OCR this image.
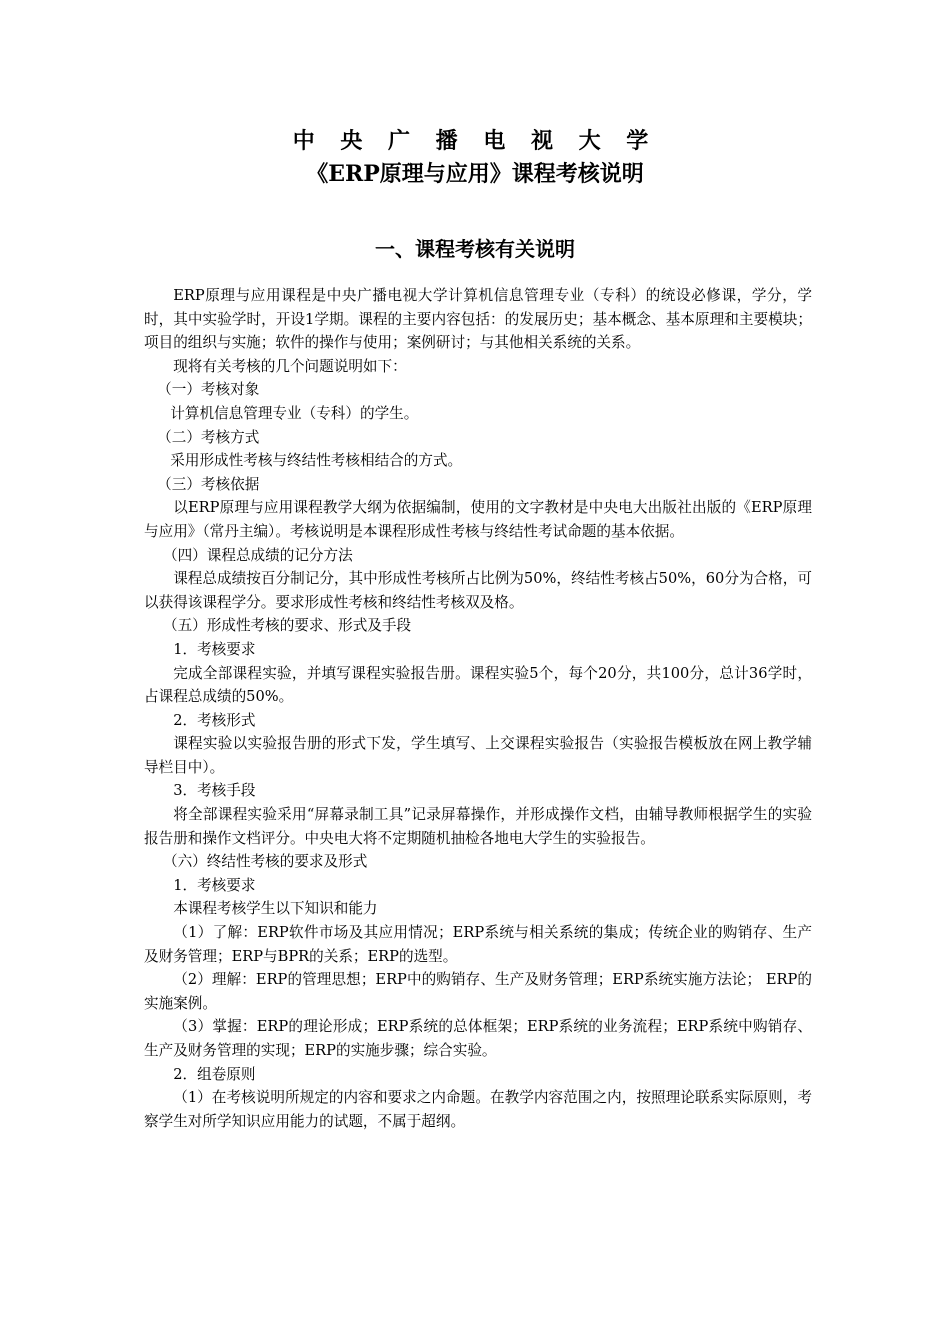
中 央 广 播 电 视 大 学
《ERP原理与应用》课程考核说明
一、课程考核有关说明

ERP原理与应用课程是中央广播电视大学计算机信息管理专业（专科）的统设必修课，学分，学时，其中实验学时，开设1学期。课程的主要内容包括：的发展历史；基本概念、基本原理和主要模块；项目的组织与实施；软件的操作与使用；案例研讨；与其他相关系统的关系。

现将有关考核的几个问题说明如下：

（一）考核对象

计算机信息管理专业（专科）的学生。

（二）考核方式

采用形成性考核与终结性考核相结合的方式。

（三）考核依据

以ERP原理与应用课程教学大纲为依据编制，使用的文字教材是中央电大出版社出版的《ERP原理与应用》（常丹主编）。考核说明是本课程形成性考核与终结性考试命题的基本依据。

（四）课程总成绩的记分方法

课程总成绩按百分制记分，其中形成性考核所占比例为50%，终结性考核占50%，60分为合格，可以获得该课程学分。要求形成性考核和终结性考核双及格。

（五）形成性考核的要求、形式及手段

1．考核要求

完成全部课程实验，并填写课程实验报告册。课程实验5个，每个20分，共100分，总计36学时，占课程总成绩的50%。

2．考核形式

课程实验以实验报告册的形式下发，学生填写、上交课程实验报告（实验报告模板放在网上教学辅导栏目中）。

3．考核手段

将全部课程实验采用“屏幕录制工具”记录屏幕操作，并形成操作文档，由辅导教师根据学生的实验报告册和操作文档评分。中央电大将不定期随机抽检各地电大学生的实验报告。

（六）终结性考核的要求及形式

1．考核要求

本课程考核学生以下知识和能力

（1）了解：ERP软件市场及其应用情况；ERP系统与相关系统的集成；传统企业的购销存、生产及财务管理；ERP与BPR的关系；ERP的选型。

（2）理解：ERP的管理思想；ERP中的购销存、生产及财务管理；ERP系统实施方法论； ERP的实施案例。

（3）掌握：ERP的理论形成；ERP系统的总体框架；ERP系统的业务流程；ERP系统中购销存、生产及财务管理的实现；ERP的实施步骤；综合实验。

2．组卷原则

（1）在考核说明所规定的内容和要求之内命题。在教学内容范围之内，按照理论联系实际原则，考察学生对所学知识应用能力的试题，不属于超纲。
